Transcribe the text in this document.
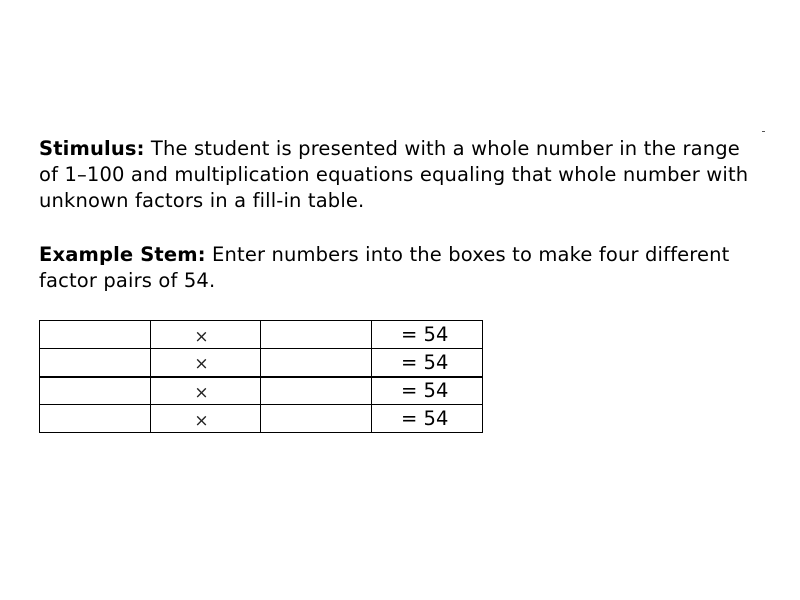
Stimulus: The student is presented with a whole number in the range of 1–100 and multiplication equations equaling that whole number with unknown factors in a fill-in table.

Example Stem: Enter numbers into the boxes to make four different factor pairs of 54.

	×		= 54

	×		= 54

	×		= 54

	×		= 54
